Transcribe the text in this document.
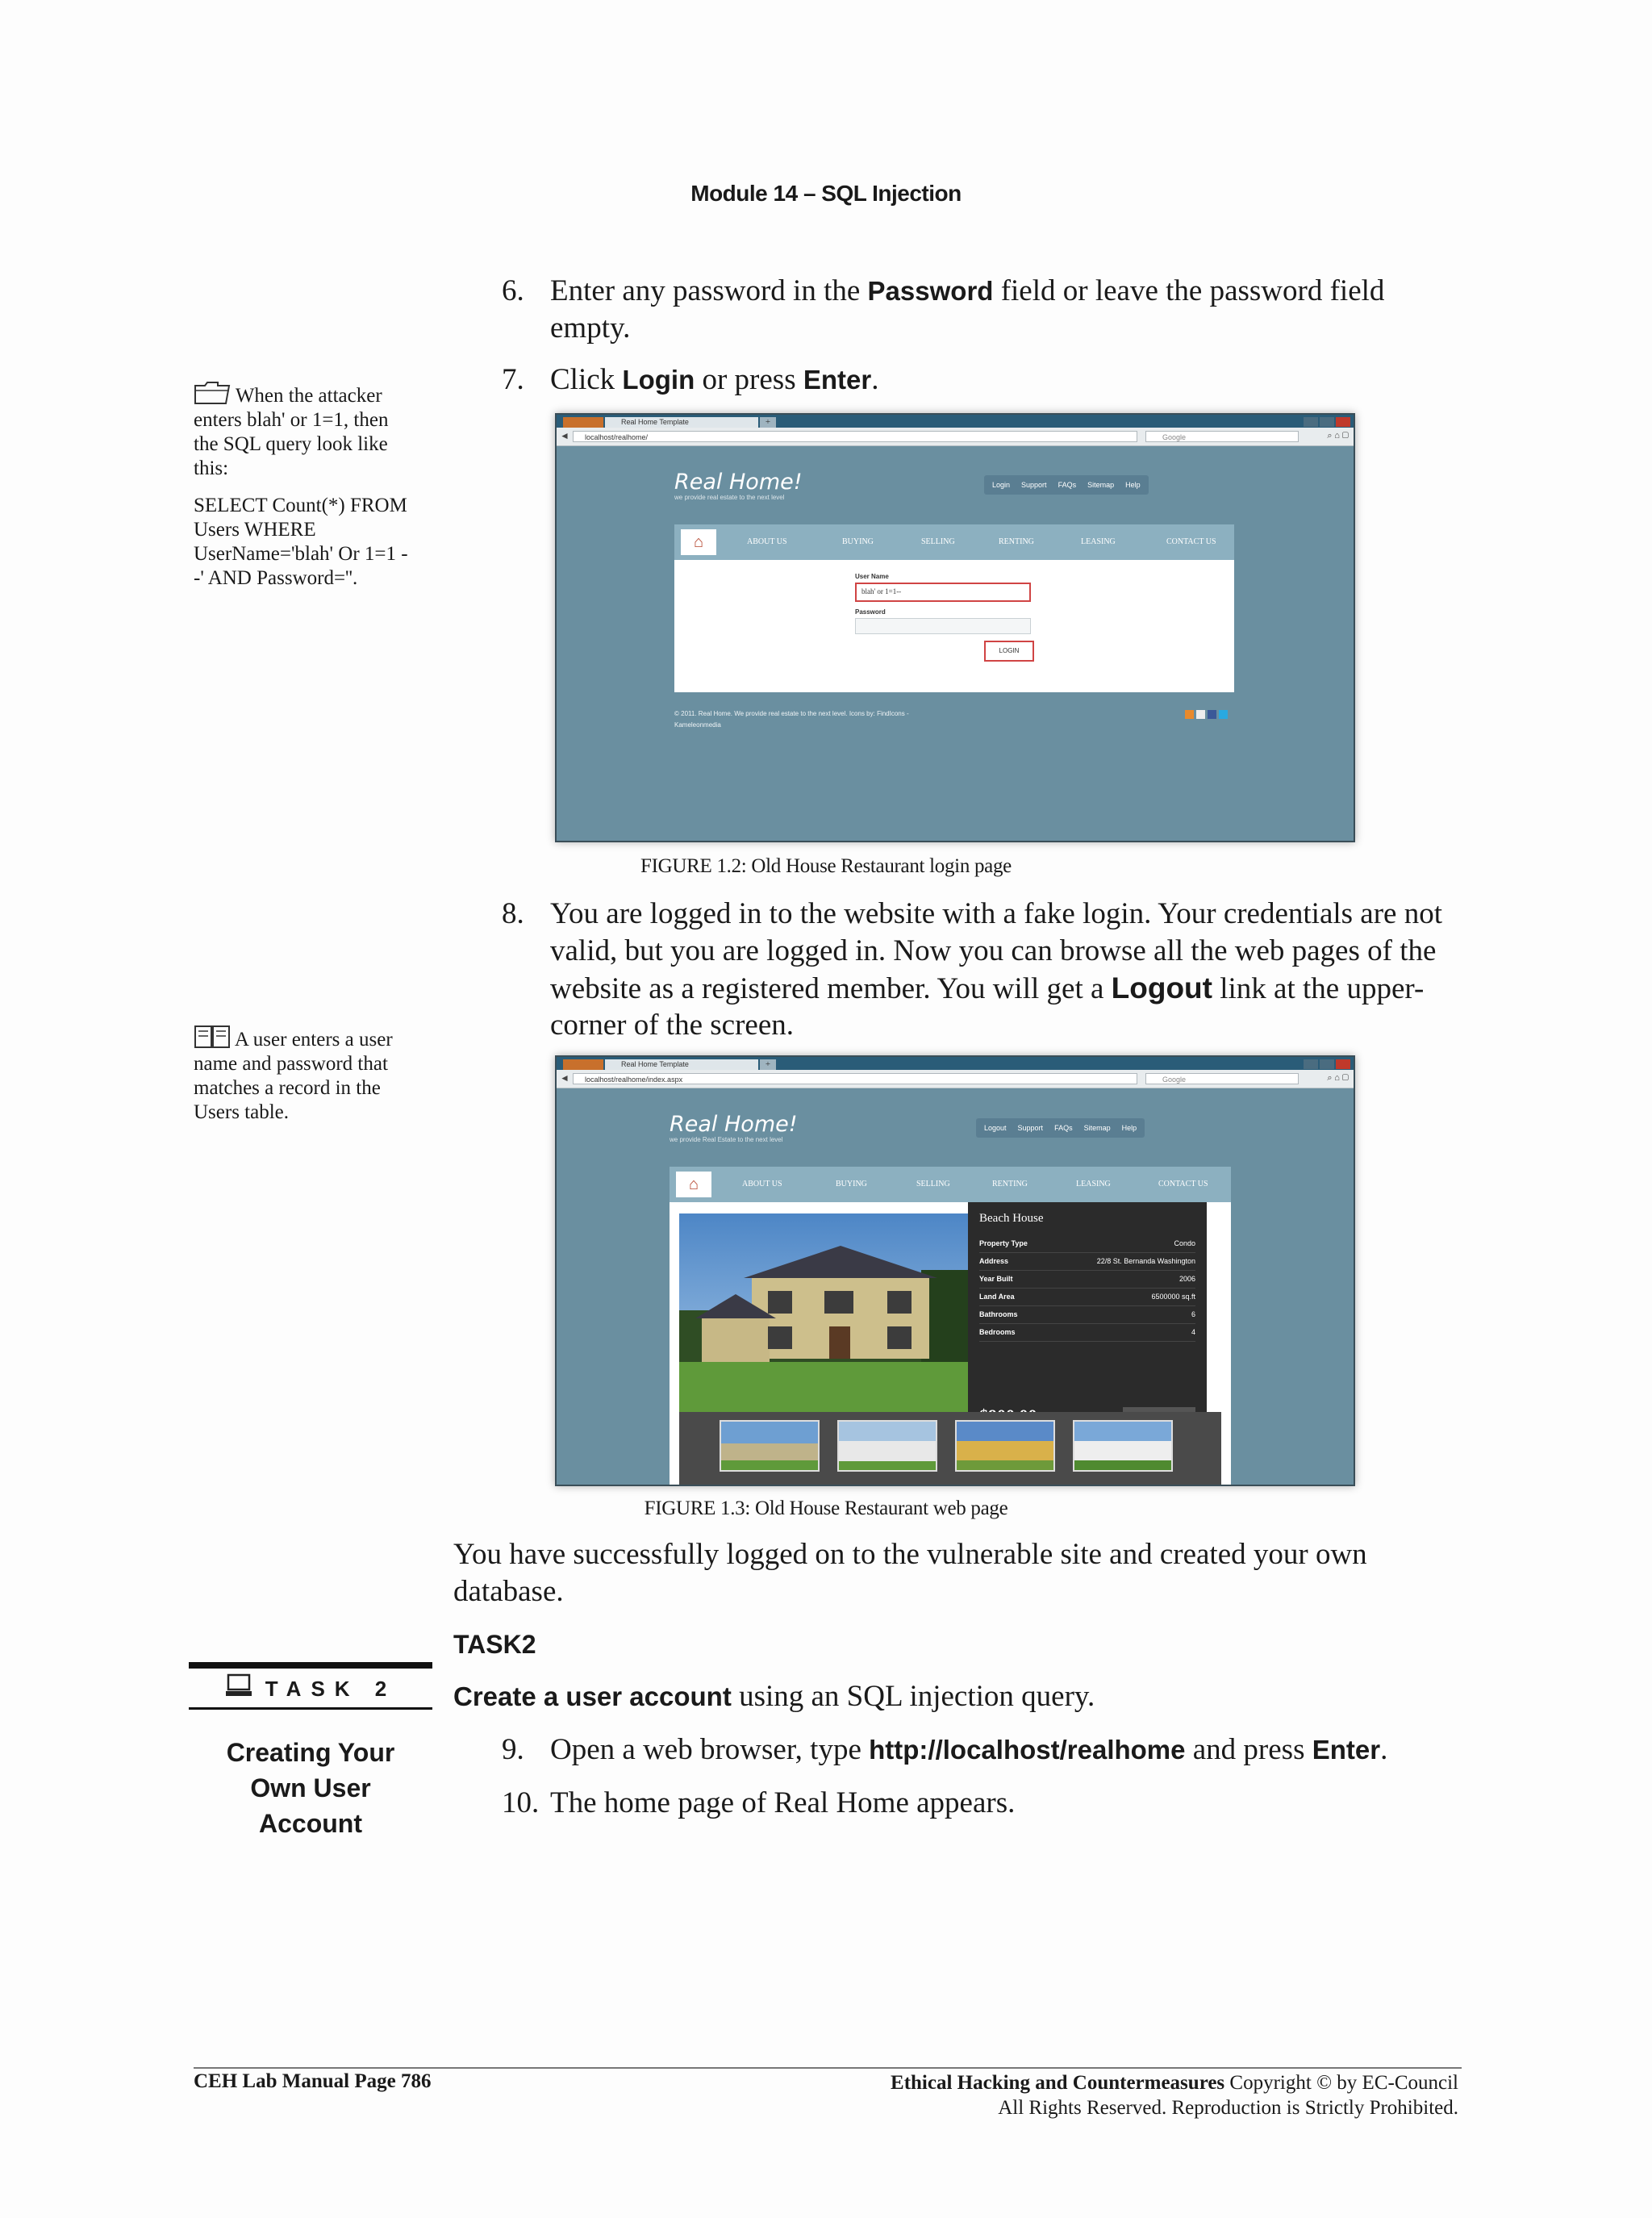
Module 14 – SQL Injection
6. Enter any password in the Password field or leave the password field
empty.
When the attacker
enters blah' or 1=1, then
the SQL query look like
this:
SELECT Count(*) FROM
Users WHERE
UserName='blah' Or 1=1 -
-' AND Password=''.
7. Click Login or press Enter.
Real Home Template	+
◄	localhost/realhome/	Google	⌕ ⌂ ▢
Real Home!
we provide real estate to the next level
Login Support FAQs Sitemap Help
⌂	ABOUT US	BUYING	SELLING	RENTING	LEASING	CONTACT US
User Name
blah' or 1=1--
Password
LOGIN
© 2011. Real Home. We provide real estate to the next level. Icons by: FindIcons -
Kameleonmedia
FIGURE 1.2: Old House Restaurant login page
8. You are logged in to the website with a fake login. Your credentials are not
valid, but you are logged in. Now you can browse all the web pages of the
website as a registered member. You will get a Logout link at the upper-
corner of the screen.
A user enters a user
name and password that
matches a record in the
Users table.
Real Home Template	+
◄	localhost/realhome/index.aspx	Google	⌕ ⌂ ▢
Real Home!
we provide Real Estate to the next level
Logout Support FAQs Sitemap Help
⌂	ABOUT US	BUYING	SELLING	RENTING	LEASING	CONTACT US
Beach House
Property Type	Condo
Address	22/8 St. Bernanda Washington
Year Built	2006
Land Area	6500000 sq.ft
Bathrooms	6
Bedrooms	4
FIGURE 1.3: Old House Restaurant web page
You have successfully logged on to the vulnerable site and created your own
database.
TASK2
TASK 2
Creating Your
Own User
Account
Create a user account using an SQL injection query.
9. Open a web browser, type http://localhost/realhome and press Enter.
10. The home page of Real Home appears.
CEH Lab Manual Page 786	Ethical Hacking and Countermeasures Copyright © by EC-Council
All Rights Reserved. Reproduction is Strictly Prohibited.
